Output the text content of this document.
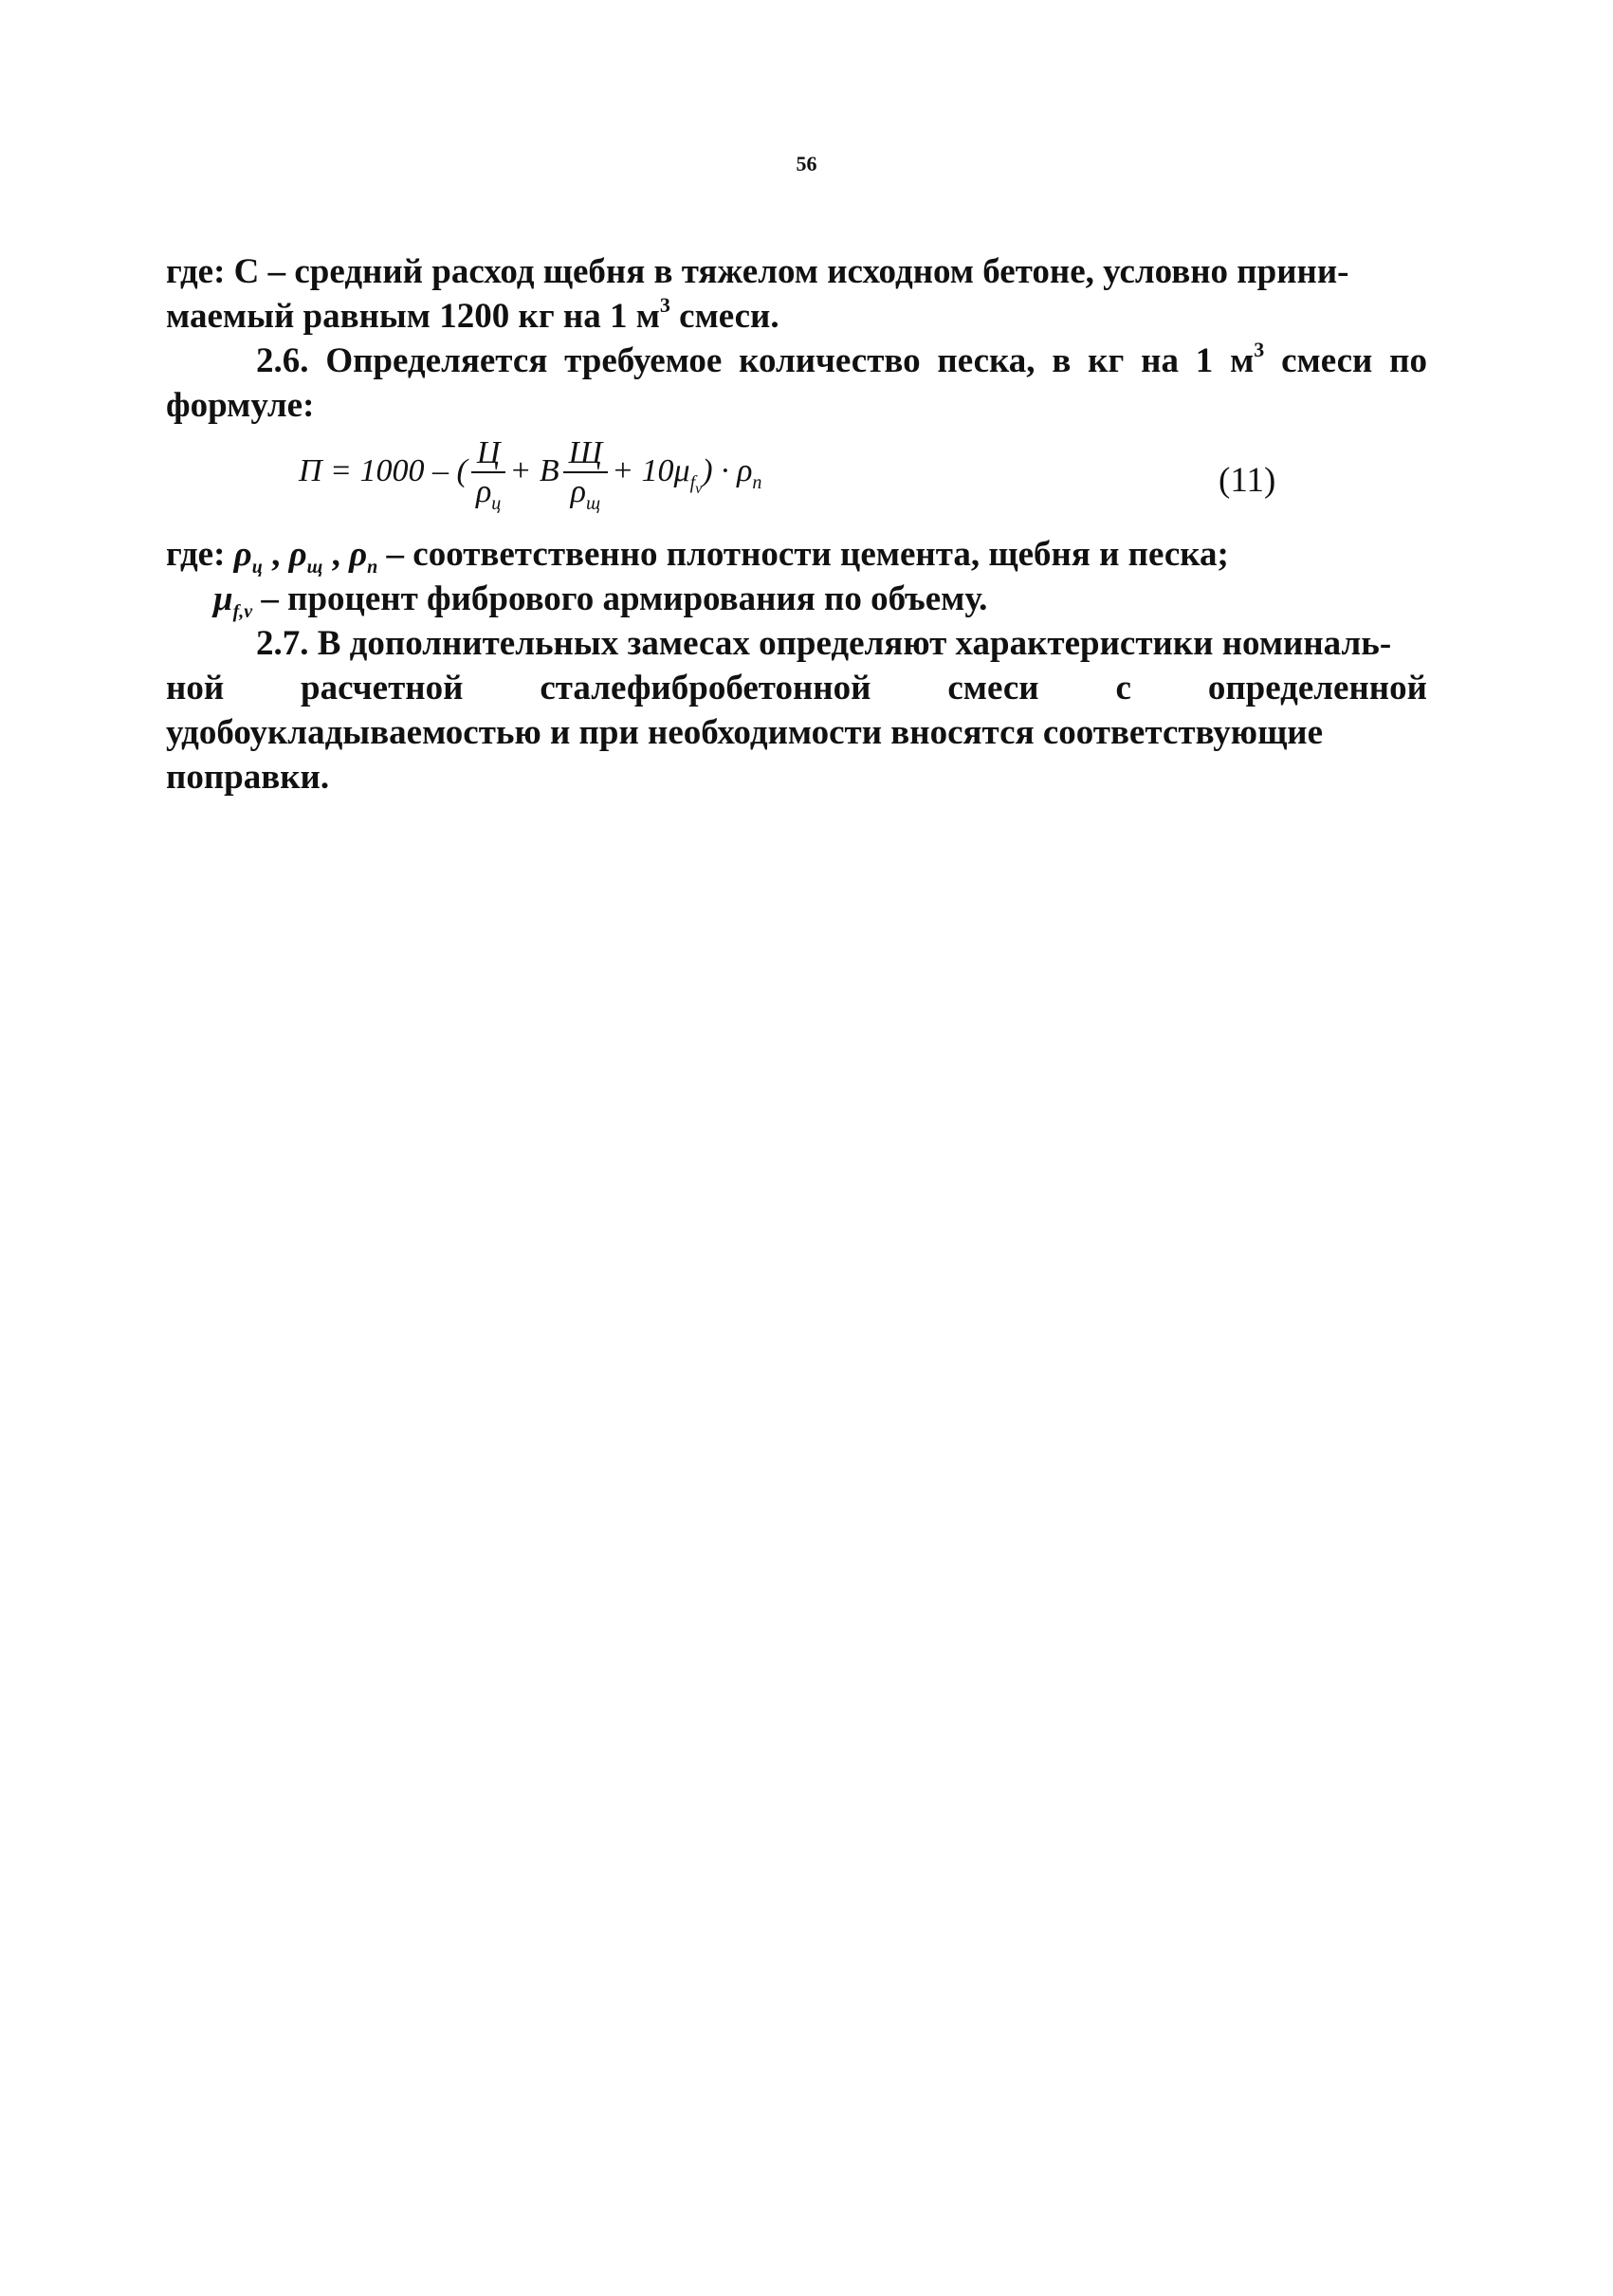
56

где: С – средний расход щебня в тяжелом исходном бетоне, условно прини-
маемый равным 1200 кг на 1 $м^3$ смеси.

2.6. Определяется требуемое количество песка, в кг на 1 $м^3$ смеси по формуле:

П = 1000 – ( $\frac{Ц}{\rho_ц} + В \frac{Щ}{\rho_щ} + 10\mu_{f_v}) \cdot \rho_п$	(11)

где: $\rho_ц$ , $\rho_щ$ , $\rho_п$ – соответственно плотности цемента, щебня и песка;

$\mu_{f,v}$ – процент фибрового армирования по объему.

2.7. В дополнительных замесах определяют характеристики номиналь-

ной расчетной сталефибробетонной смеси с определенной

удобоукладываемостью и при необходимости вносятся соответствующие
поправки.
